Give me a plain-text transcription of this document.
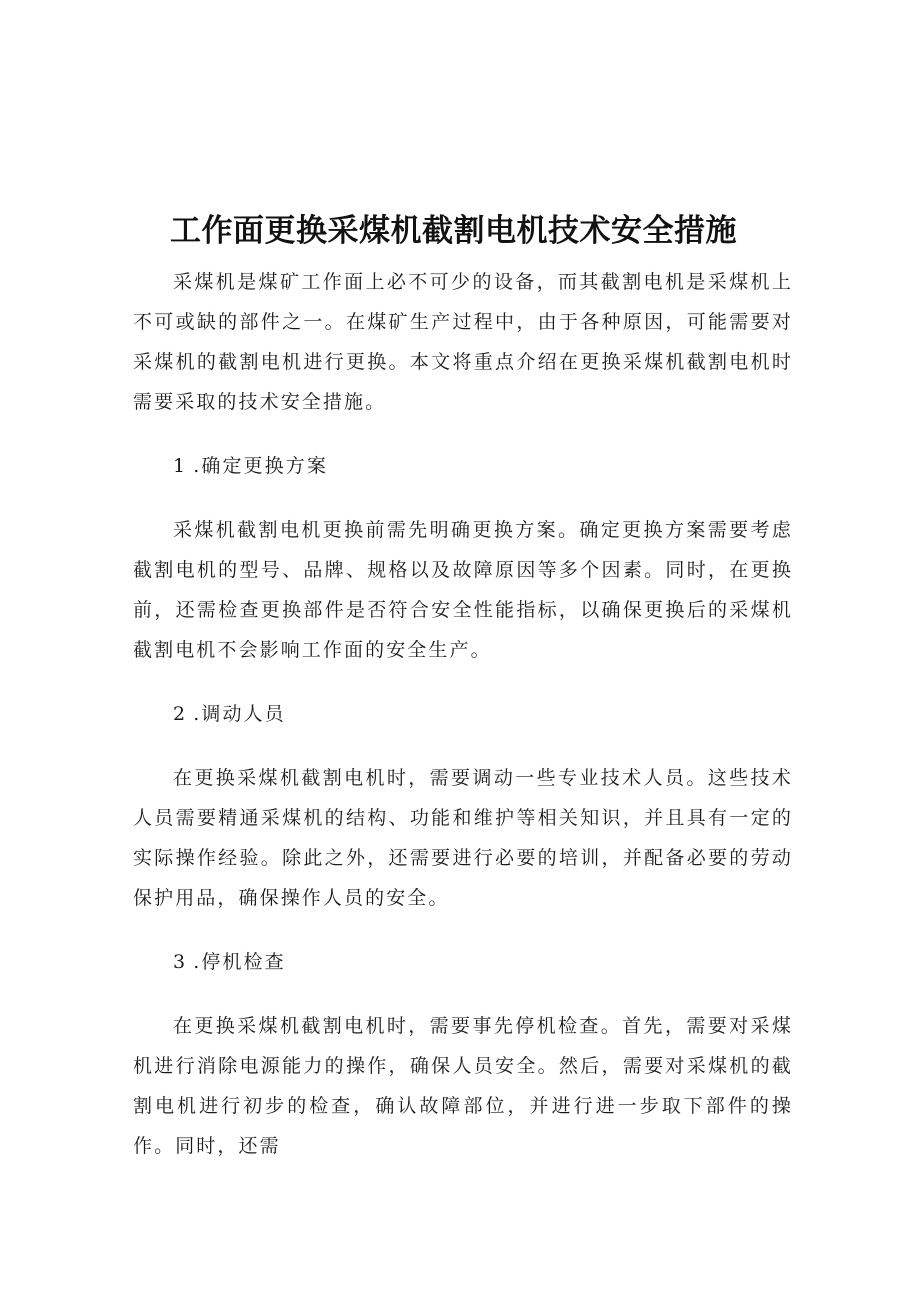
工作面更换采煤机截割电机技术安全措施

采煤机是煤矿工作面上必不可少的设备，而其截割电机是采煤机上不可或缺的部件之一。在煤矿生产过程中，由于各种原因，可能需要对采煤机的截割电机进行更换。本文将重点介绍在更换采煤机截割电机时需要采取的技术安全措施。

1 .确定更换方案

采煤机截割电机更换前需先明确更换方案。确定更换方案需要考虑截割电机的型号、品牌、规格以及故障原因等多个因素。同时，在更换前，还需检查更换部件是否符合安全性能指标，以确保更换后的采煤机截割电机不会影响工作面的安全生产。

2 .调动人员

在更换采煤机截割电机时，需要调动一些专业技术人员。这些技术人员需要精通采煤机的结构、功能和维护等相关知识，并且具有一定的实际操作经验。除此之外，还需要进行必要的培训，并配备必要的劳动保护用品，确保操作人员的安全。

3 .停机检查

在更换采煤机截割电机时，需要事先停机检查。首先，需要对采煤机进行消除电源能力的操作，确保人员安全。然后，需要对采煤机的截割电机进行初步的检查，确认故障部位，并进行进一步取下部件的操作。同时，还需
